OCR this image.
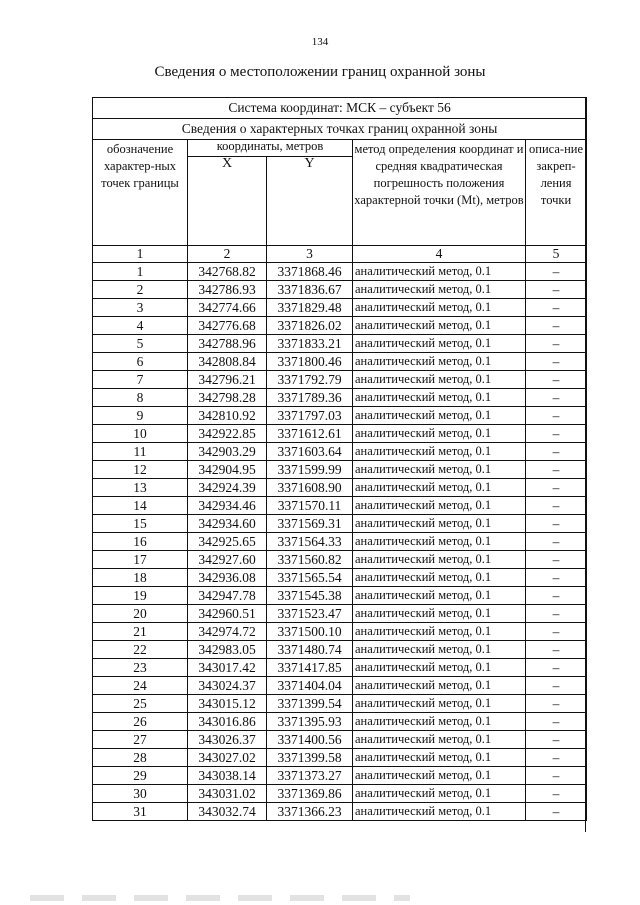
134
Сведения о местоположении границ охранной зоны
Система координат: МСК – субъект 56				
Сведения о характерных точках границ охранной зоны				
обозначение характер-ных точек границы	координаты, метров		метод определения координат и средняя квадратическая погрешность положения характерной точки (Mt), метров	описа-ние закреп-ления точки
	X	Y		
1	2	3	4	5
1	342768.82	3371868.46	аналитический метод, 0.1	–
2	342786.93	3371836.67	аналитический метод, 0.1	–
3	342774.66	3371829.48	аналитический метод, 0.1	–
4	342776.68	3371826.02	аналитический метод, 0.1	–
5	342788.96	3371833.21	аналитический метод, 0.1	–
6	342808.84	3371800.46	аналитический метод, 0.1	–
7	342796.21	3371792.79	аналитический метод, 0.1	–
8	342798.28	3371789.36	аналитический метод, 0.1	–
9	342810.92	3371797.03	аналитический метод, 0.1	–
10	342922.85	3371612.61	аналитический метод, 0.1	–
11	342903.29	3371603.64	аналитический метод, 0.1	–
12	342904.95	3371599.99	аналитический метод, 0.1	–
13	342924.39	3371608.90	аналитический метод, 0.1	–
14	342934.46	3371570.11	аналитический метод, 0.1	–
15	342934.60	3371569.31	аналитический метод, 0.1	–
16	342925.65	3371564.33	аналитический метод, 0.1	–
17	342927.60	3371560.82	аналитический метод, 0.1	–
18	342936.08	3371565.54	аналитический метод, 0.1	–
19	342947.78	3371545.38	аналитический метод, 0.1	–
20	342960.51	3371523.47	аналитический метод, 0.1	–
21	342974.72	3371500.10	аналитический метод, 0.1	–
22	342983.05	3371480.74	аналитический метод, 0.1	–
23	343017.42	3371417.85	аналитический метод, 0.1	–
24	343024.37	3371404.04	аналитический метод, 0.1	–
25	343015.12	3371399.54	аналитический метод, 0.1	–
26	343016.86	3371395.93	аналитический метод, 0.1	–
27	343026.37	3371400.56	аналитический метод, 0.1	–
28	343027.02	3371399.58	аналитический метод, 0.1	–
29	343038.14	3371373.27	аналитический метод, 0.1	–
30	343031.02	3371369.86	аналитический метод, 0.1	–
31	343032.74	3371366.23	аналитический метод, 0.1	–
